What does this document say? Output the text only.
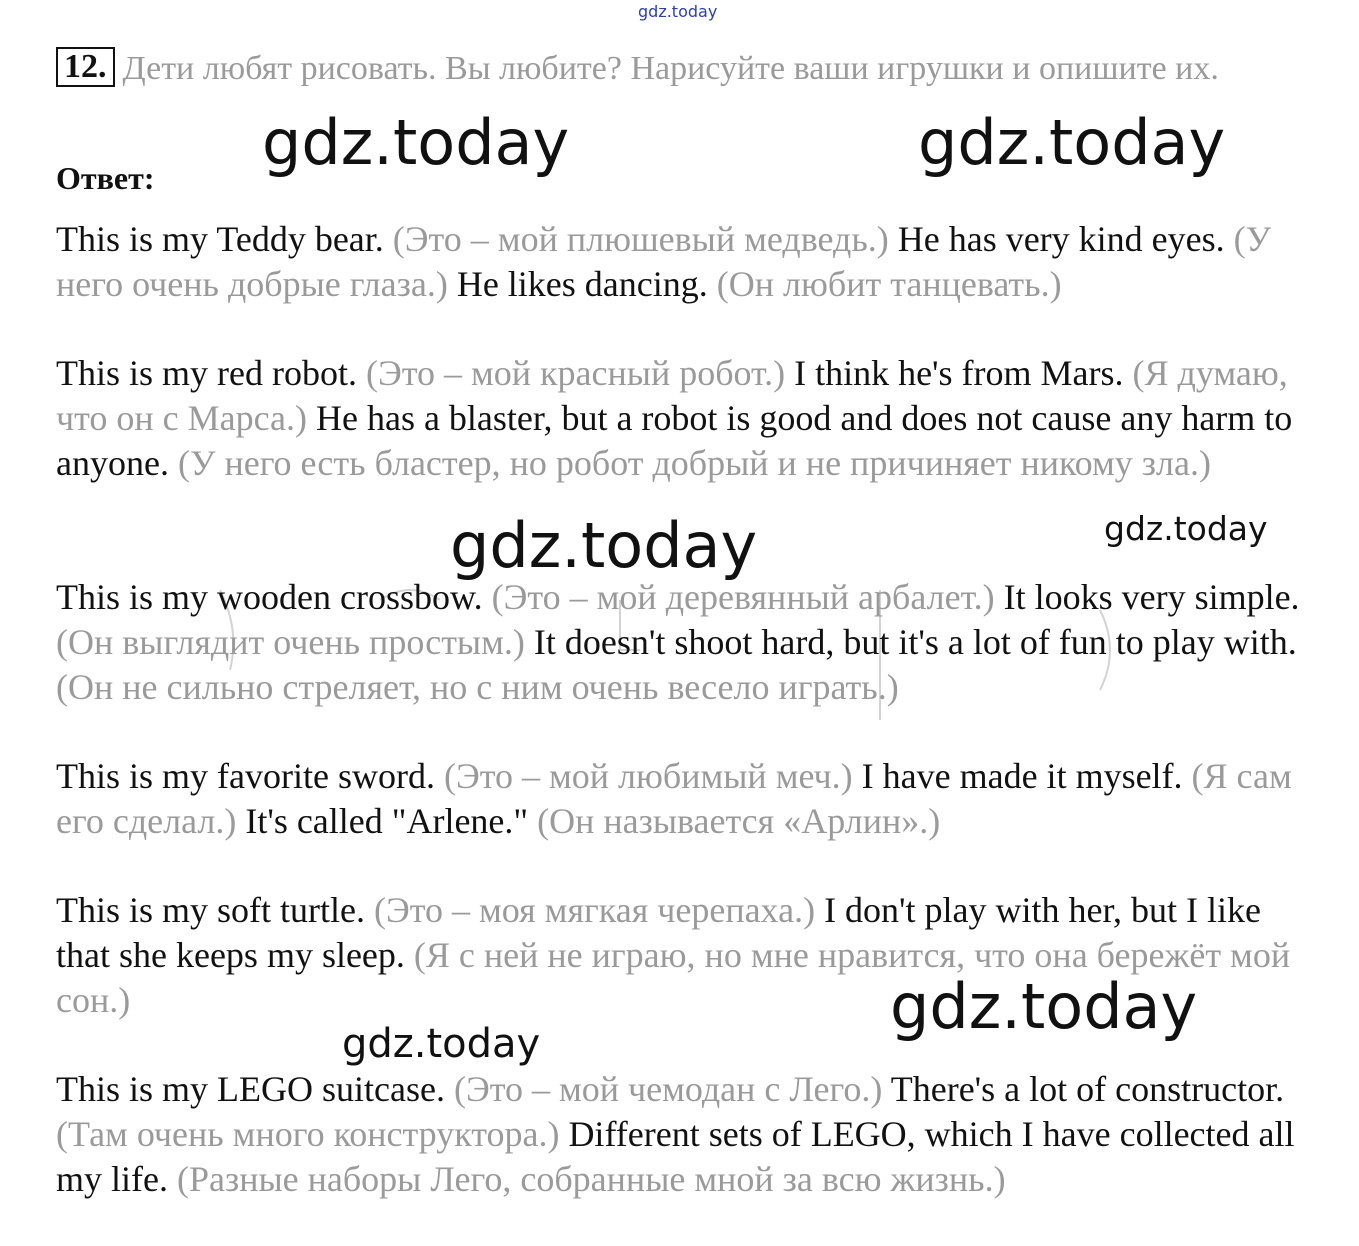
gdz.today
gdz.today	gdz.today
gdz.today
gdz.today
gdz.today
gdz.today
12. Дети любят рисовать. Вы любите? Нарисуйте ваши игрушки и опишите их.
Ответ:
This is my Teddy bear. (Это – мой плюшевый медведь.) He has very kind eyes. (У него очень добрые глаза.) He likes dancing. (Он любит танцевать.)
This is my red robot. (Это – мой красный робот.) I think he's from Mars. (Я думаю, что он с Марса.) He has a blaster, but a robot is good and does not cause any harm to anyone. (У него есть бластер, но робот добрый и не причиняет никому зла.)
This is my wooden crossbow. (Это – мой деревянный арбалет.) It looks very simple. (Он выглядит очень простым.) It doesn't shoot hard, but it's a lot of fun to play with. (Он не сильно стреляет, но с ним очень весело играть.)
This is my favorite sword. (Это – мой любимый меч.) I have made it myself. (Я сам его сделал.) It's called "Arlene." (Он называется «Арлин».)
This is my soft turtle. (Это – моя мягкая черепаха.) I don't play with her, but I like that she keeps my sleep. (Я с ней не играю, но мне нравится, что она бережёт мой сон.)
This is my LEGO suitcase. (Это – мой чемодан с Лего.) There's a lot of constructor. (Там очень много конструктора.) Different sets of LEGO, which I have collected all my life. (Разные наборы Лего, собранные мной за всю жизнь.)
